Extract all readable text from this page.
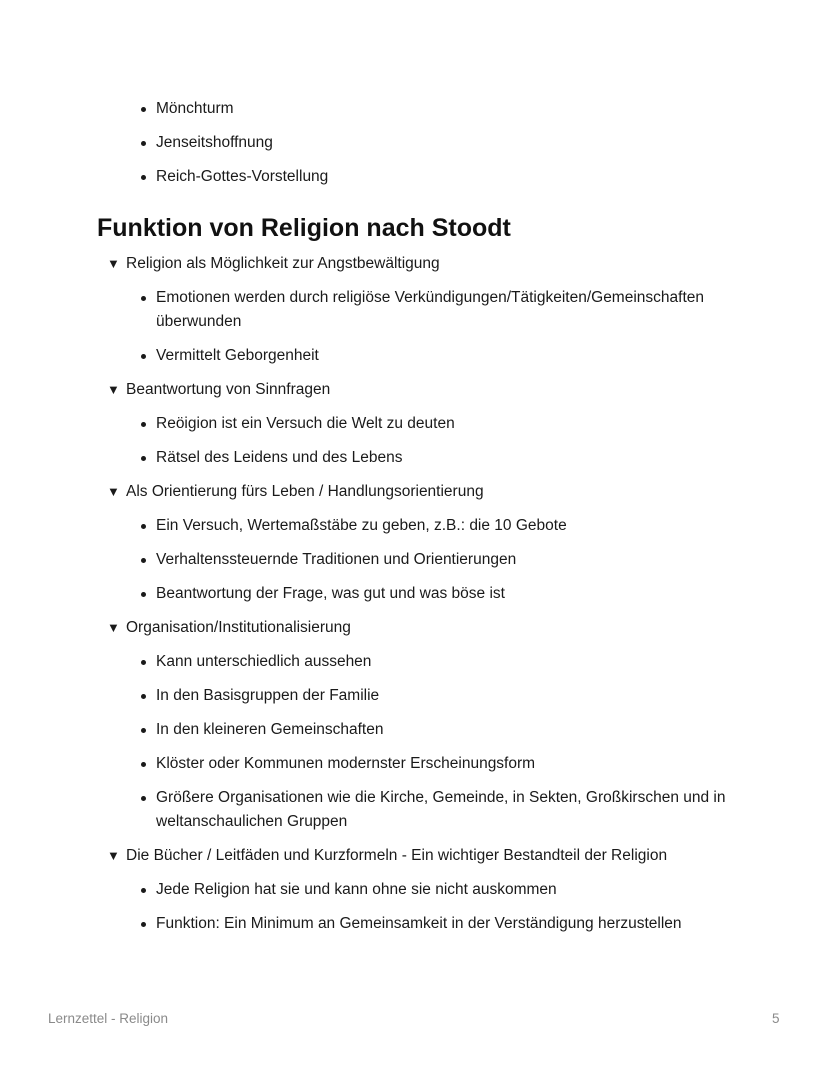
Mönchturm
Jenseitshoffnung
Reich-Gottes-Vorstellung
Funktion von Religion nach Stoodt
▼ Religion als Möglichkeit zur Angstbewältigung
Emotionen werden durch religiöse Verkündigungen/Tätigkeiten/Gemeinschaften überwunden
Vermittelt Geborgenheit
▼ Beantwortung von Sinnfragen
Reöigion ist ein Versuch die Welt zu deuten
Rätsel des Leidens und des Lebens
▼ Als Orientierung fürs Leben / Handlungsorientierung
Ein Versuch, Wertemaßstäbe zu geben, z.B.: die 10 Gebote
Verhaltenssteuernde Traditionen und Orientierungen
Beantwortung der Frage, was gut und was böse ist
▼ Organisation/Institutionalisierung
Kann unterschiedlich aussehen
In den Basisgruppen der Familie
In den kleineren Gemeinschaften
Klöster oder Kommunen modernster Erscheinungsform
Größere Organisationen wie die Kirche, Gemeinde, in Sekten, Großkirschen und in weltanschaulichen Gruppen
▼ Die Bücher / Leitfäden und Kurzformeln - Ein wichtiger Bestandteil der Religion
Jede Religion hat sie und kann ohne sie nicht auskommen
Funktion: Ein Minimum an Gemeinsamkeit in der Verständigung herzustellen
Lernzettel - Religion	5
